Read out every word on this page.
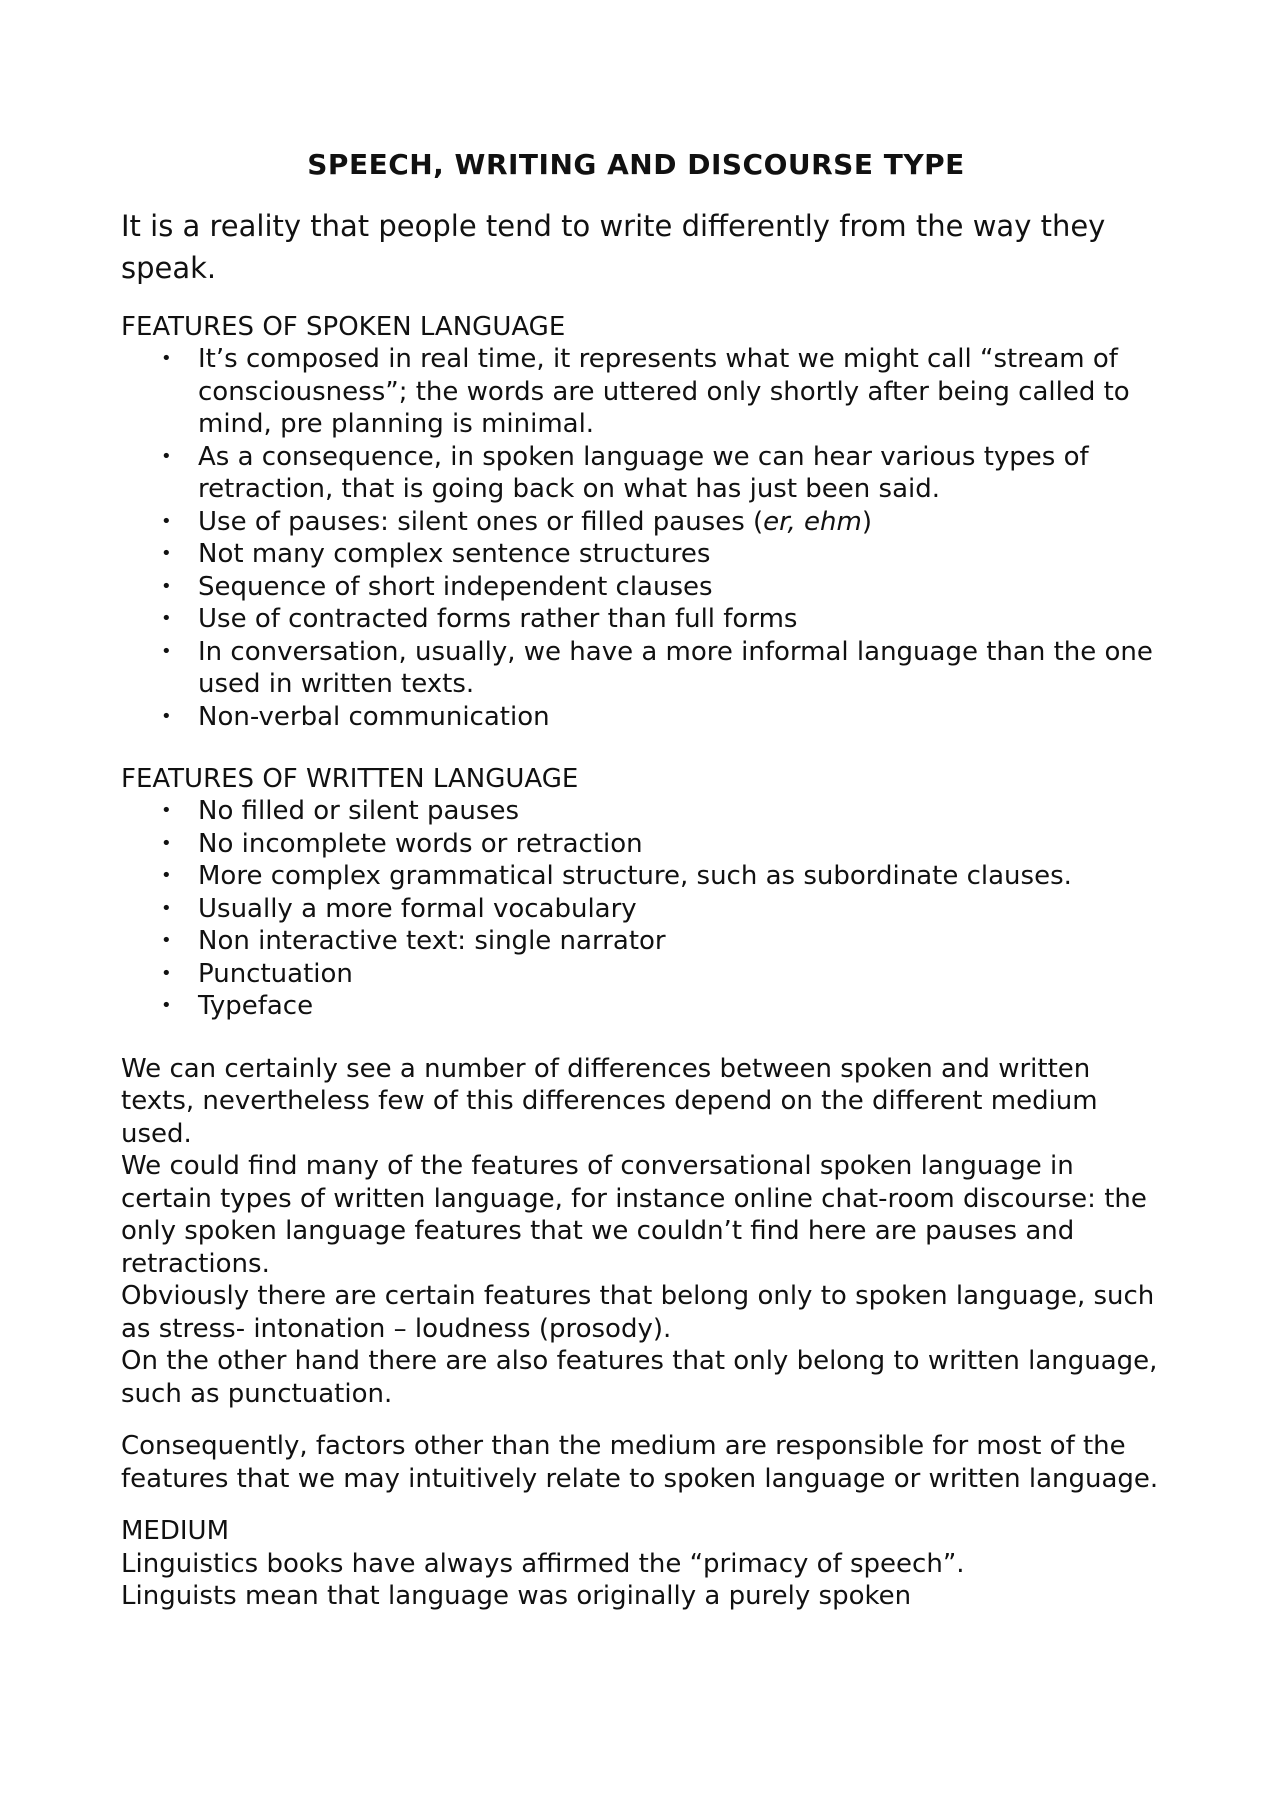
SPEECH, WRITING AND DISCOURSE TYPE

It is a reality that people tend to write differently from the way they speak.

FEATURES OF SPOKEN LANGUAGE

• It’s composed in real time, it represents what we might call “stream of consciousness”; the words are uttered only shortly after being called to mind, pre planning is minimal.
• As a consequence, in spoken language we can hear various types of retraction, that is going back on what has just been said.
• Use of pauses: silent ones or filled pauses (er, ehm)
• Not many complex sentence structures
• Sequence of short independent clauses
• Use of contracted forms rather than full forms
• In conversation, usually, we have a more informal language than the one used in written texts.
• Non-verbal communication

FEATURES OF WRITTEN LANGUAGE

• No filled or silent pauses
• No incomplete words or retraction
• More complex grammatical structure, such as subordinate clauses.
• Usually a more formal vocabulary
• Non interactive text: single narrator
• Punctuation
• Typeface

We can certainly see a number of differences between spoken and written texts, nevertheless few of this differences depend on the different medium used.

We could find many of the features of conversational spoken language in certain types of written language, for instance online chat-room discourse: the only spoken language features that we couldn’t find here are pauses and retractions.

Obviously there are certain features that belong only to spoken language, such as stress- intonation – loudness (prosody).

On the other hand there are also features that only belong to written language, such as punctuation.

Consequently, factors other than the medium are responsible for most of the features that we may intuitively relate to spoken language or written language.

MEDIUM

Linguistics books have always affirmed the “primacy of speech”.

Linguists mean that language was originally a purely spoken
